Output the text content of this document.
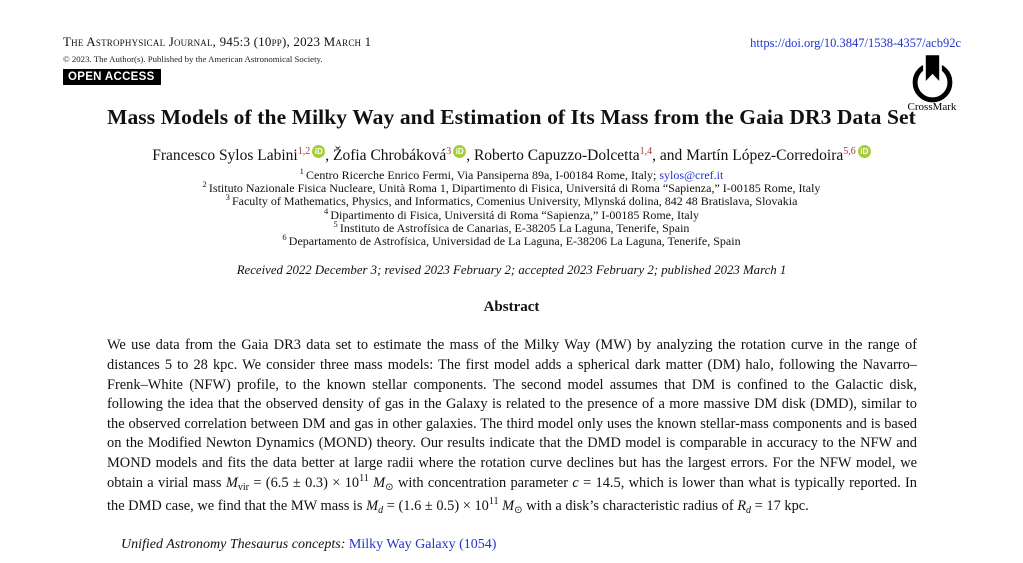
The Astrophysical Journal, 945:3 (10pp), 2023 March 1
© 2023. The Author(s). Published by the American Astronomical Society.
OPEN ACCESS
https://doi.org/10.3847/1538-4357/acb92c
CrossMark
Mass Models of the Milky Way and Estimation of Its Mass from the Gaia DR3 Data Set
Francesco Sylos Labini$^{1,2}$ iD , Žofia Chrobáková$^3$ iD , Roberto Capuzzo-Dolcetta$^{1,4}$, and Martín López-Corredoira$^{5,6}$ iD
$^1$ Centro Ricerche Enrico Fermi, Via Pansiperna 89a, I-00184 Rome, Italy; sylos@cref.it
$^2$ Istituto Nazionale Fisica Nucleare, Unità Roma 1, Dipartimento di Fisica, Universitá di Roma “Sapienza,” I-00185 Rome, Italy
$^3$ Faculty of Mathematics, Physics, and Informatics, Comenius University, Mlynská dolina, 842 48 Bratislava, Slovakia
$^4$ Dipartimento di Fisica, Universitá di Roma “Sapienza,” I-00185 Rome, Italy
$^5$ Instituto de Astrofísica de Canarias, E-38205 La Laguna, Tenerife, Spain
$^6$ Departamento de Astrofísica, Universidad de La Laguna, E-38206 La Laguna, Tenerife, Spain
Received 2022 December 3; revised 2023 February 2; accepted 2023 February 2; published 2023 March 1
Abstract

We use data from the Gaia DR3 data set to estimate the mass of the Milky Way (MW) by analyzing the rotation curve in the range of distances 5 to 28 kpc. We consider three mass models: The first model adds a spherical dark matter (DM) halo, following the Navarro–Frenk–White (NFW) profile, to the known stellar components. The second model assumes that DM is confined to the Galactic disk, following the idea that the observed density of gas in the Galaxy is related to the presence of a more massive DM disk (DMD), similar to the observed correlation between DM and gas in other galaxies. The third model only uses the known stellar-mass components and is based on the Modified Newton Dynamics (MOND) theory. Our results indicate that the DMD model is comparable in accuracy to the NFW and MOND models and fits the data better at large radii where the rotation curve declines but has the largest errors. For the NFW model, we obtain a virial mass $M_{vir} = (6.5 \pm 0.3) \times 10^{11}$ $M_⊙$ with concentration parameter c = 14.5, which is lower than what is typically reported. In the DMD case, we find that the MW mass is $M_d = (1.6 \pm 0.5) \times 10^{11}$ $M_⊙$ with a disk’s characteristic radius of $R_d = 17$ kpc.

Unified Astronomy Thesaurus concepts: Milky Way Galaxy (1054)
